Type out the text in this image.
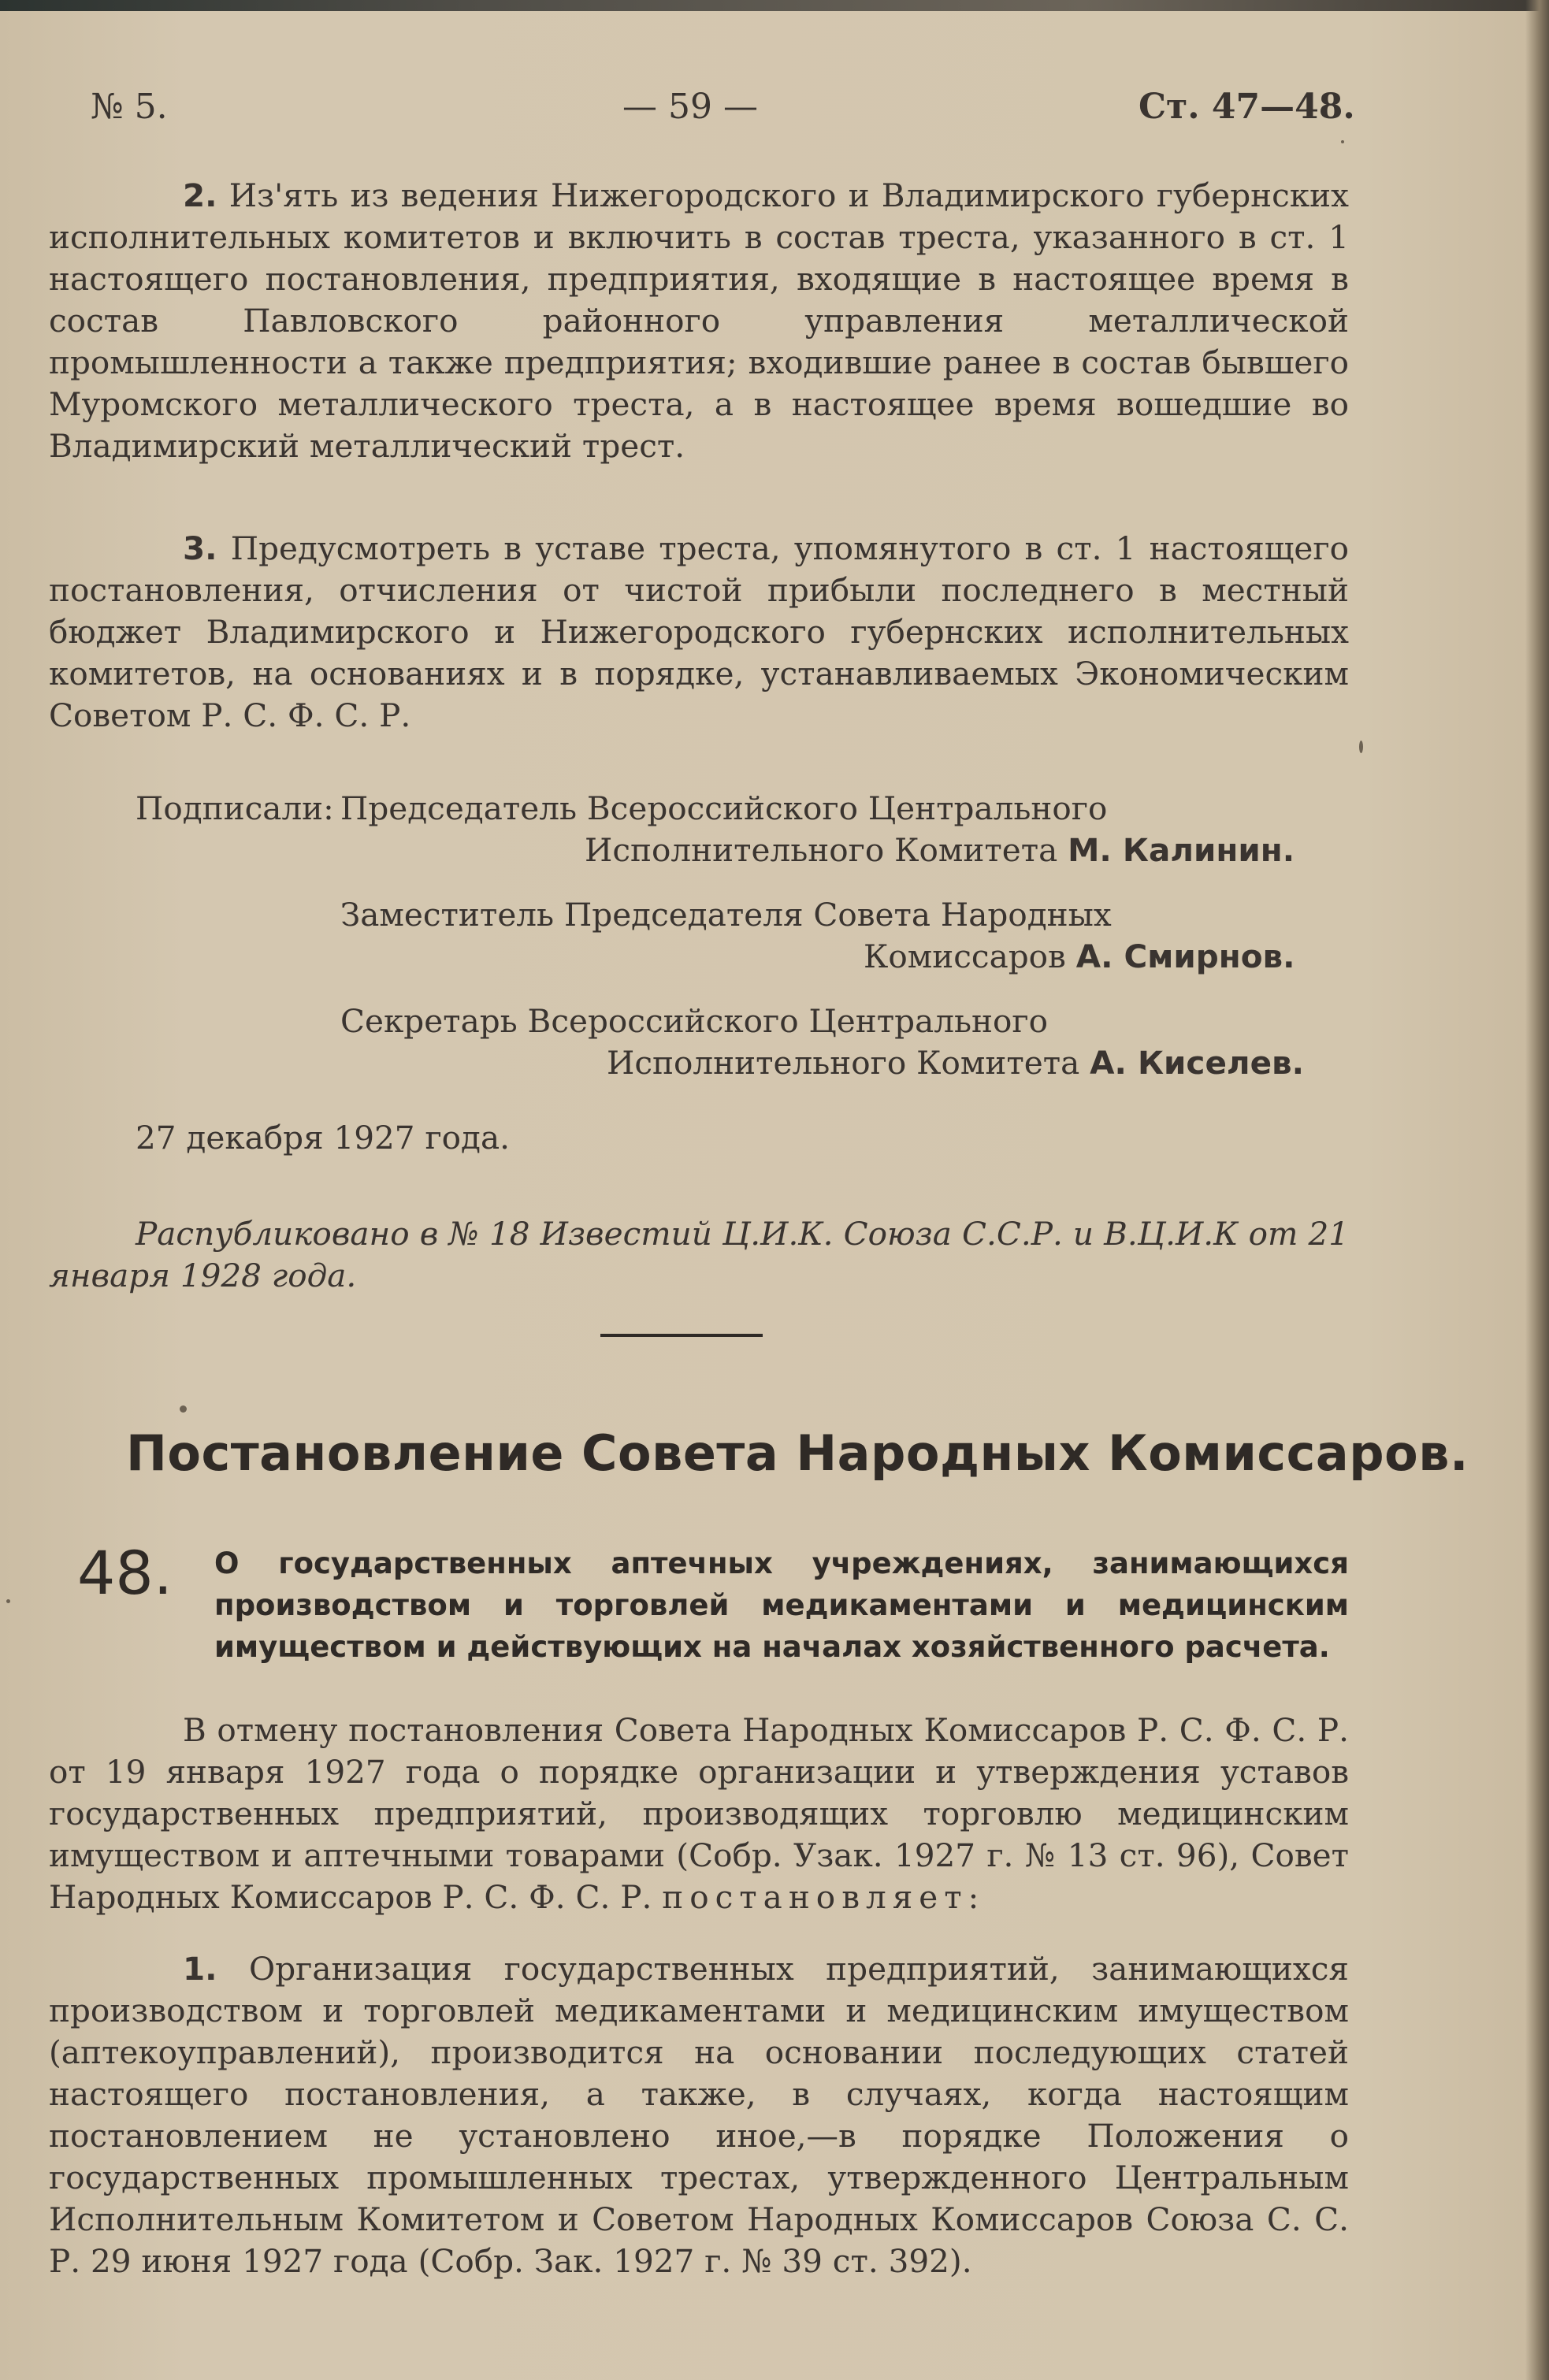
№ 5.	— 59 —	Ст. 47—48.

2. Из'ять из ведения Нижегородского и Владимирского губернских исполнительных комитетов и включить в состав треста, указанного в ст. 1 настоящего постановления, предприятия, входящие в настоящее время в состав Павловского районного управления металлической промышленности а также предприятия; входившие ранее в состав бывшего Муромского металлического треста, а в настоящее время вошедшие во Владимирский металлический трест.

3. Предусмотреть в уставе треста, упомянутого в ст. 1 настоящего постановления, отчисления от чистой прибыли последнего в местный бюджет Владимирского и Нижегородского губернских исполнительных комитетов, на основаниях и в порядке, устанавливаемых Экономическим Советом Р. С. Ф. С. Р.

Подписали: Председатель Всероссийского Центрального
Исполнительного Комитета М. Калинин.
Заместитель Председателя Совета Народных
Комиссаров А. Смирнов.
Секретарь Всероссийского Центрального
Исполнительного Комитета А. Киселев.
27 декабря 1927 года.

Распубликовано в № 18 Известий Ц.И.К. Союза С.С.Р. и В.Ц.И.К от 21 января 1928 года.

Постановление Совета Народных Комиссаров.
48. О государственных аптечных учреждениях, занимающихся производством и торговлей медикаментами и медицинским имуществом и действующих на началах хозяйственного расчета.

В отмену постановления Совета Народных Комиссаров Р. С. Ф. С. Р. от 19 января 1927 года о порядке организации и утверждения уставов государственных предприятий, производящих торговлю медицинским имуществом и аптечными товарами (Собр. Узак. 1927 г. № 13 ст. 96), Совет Народных Комиссаров Р. С. Ф. С. Р. постановляет:

1. Организация государственных предприятий, занимающихся производством и торговлей медикаментами и медицинским имуществом (аптекоуправлений), производится на основании последующих статей настоящего постановления, а также, в случаях, когда настоящим постановлением не установлено иное,—в порядке Положения о государственных промышленных трестах, утвержденного Центральным Исполнительным Комитетом и Советом Народных Комиссаров Союза С. С. Р. 29 июня 1927 года (Собр. Зак. 1927 г. № 39 ст. 392).
